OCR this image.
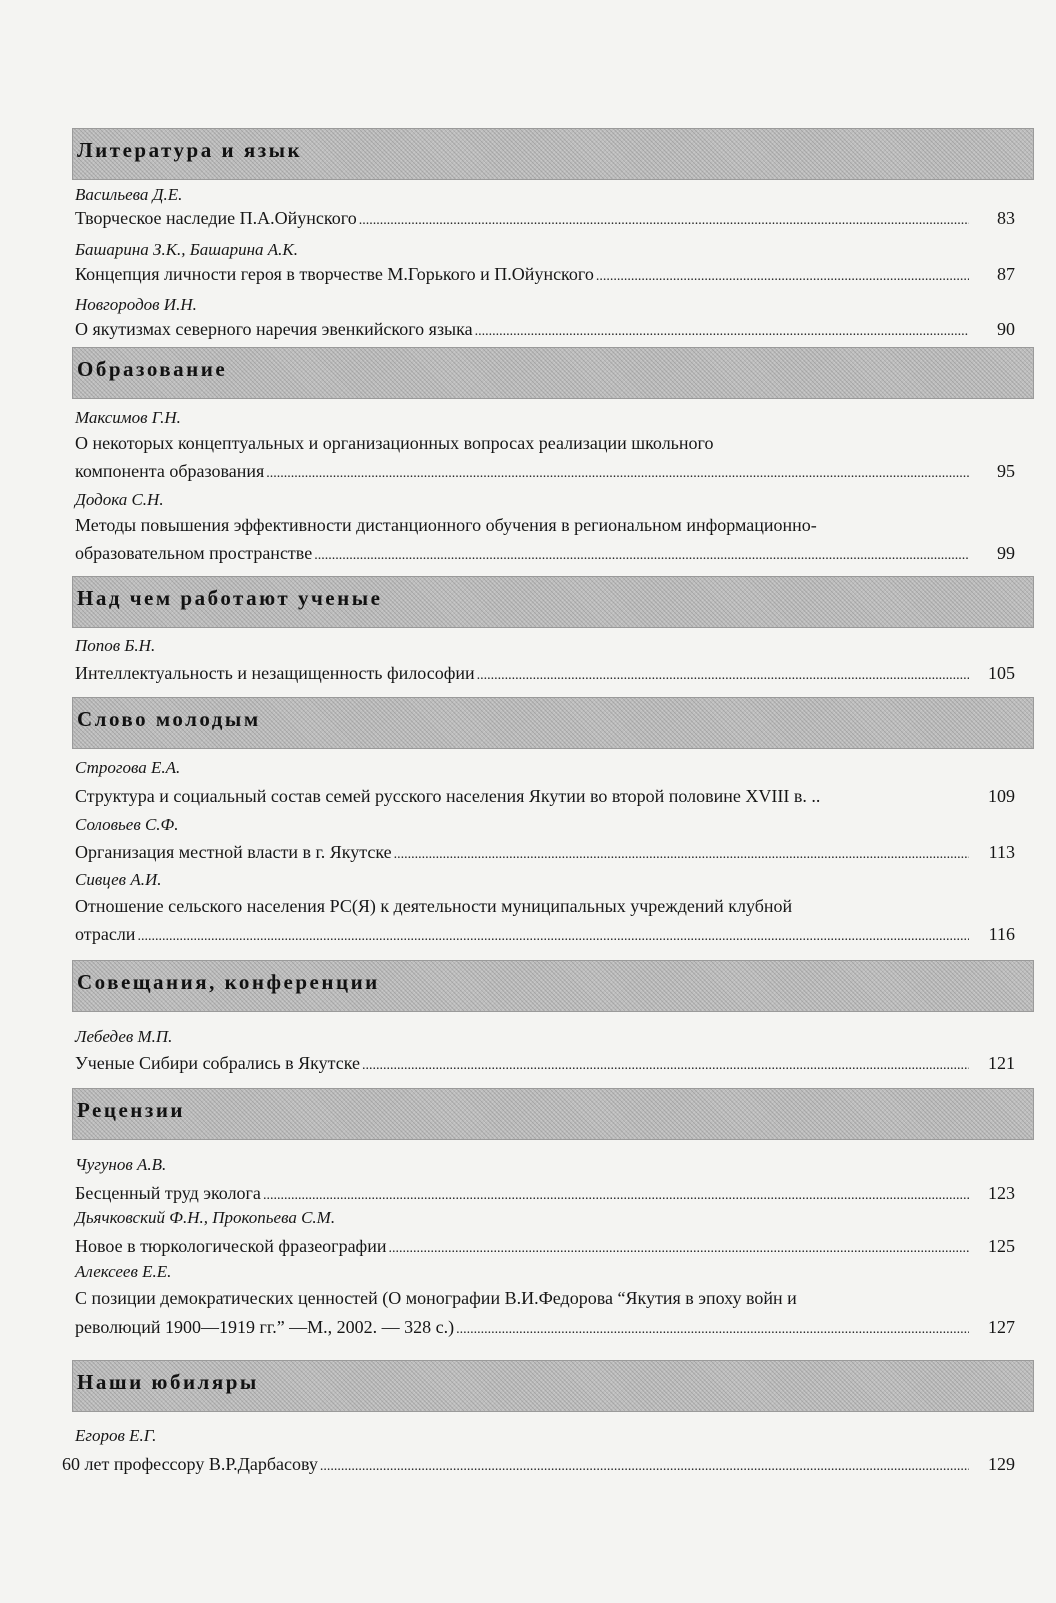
Литература и язык
Васильева Д.Е.
Творческое наследие П.А.Ойунского .....	83
Башарина З.К., Башарина А.К.
Концепция личности героя в творчестве М.Горького и П.Ойунского .....	87
Новгородов И.Н.
О якутизмах северного наречия эвенкийского языка .....	90
Образование
Максимов Г.Н.
О некоторых концептуальных и организационных вопросах реализации школьного
компонента образования .....	95
Додока С.Н.
Методы повышения эффективности дистанционного обучения в региональном информационно-
образовательном пространстве .....	99
Над чем работают ученые
Попов Б.Н.
Интеллектуальность и незащищенность философии .....	105
Слово молодым
Строгова Е.А.
Структура и социальный состав семей русского населения Якутии во второй половине XVIII в. ..	109
Соловьев С.Ф.
Организация местной власти в г. Якутске .....	113
Сивцев А.И.
Отношение сельского населения РС(Я) к деятельности муниципальных учреждений клубной
отрасли .....	116
Совещания, конференции
Лебедев М.П.
Ученые Сибири собрались в Якутске .....	121
Рецензии
Чугунов А.В.
Бесценный труд эколога .....	123
Дьячковский Ф.Н., Прокопьева С.М.
Новое в тюркологической фразеографии .....	125
Алексеев Е.Е.
С позиции демократических ценностей (О монографии В.И.Федорова “Якутия в эпоху войн и
революций 1900—1919 гг.” —М., 2002. — 328 с.) .....	127
Наши юбиляры
Егоров Е.Г.
60 лет профессору В.Р.Дарбасову .....	129
